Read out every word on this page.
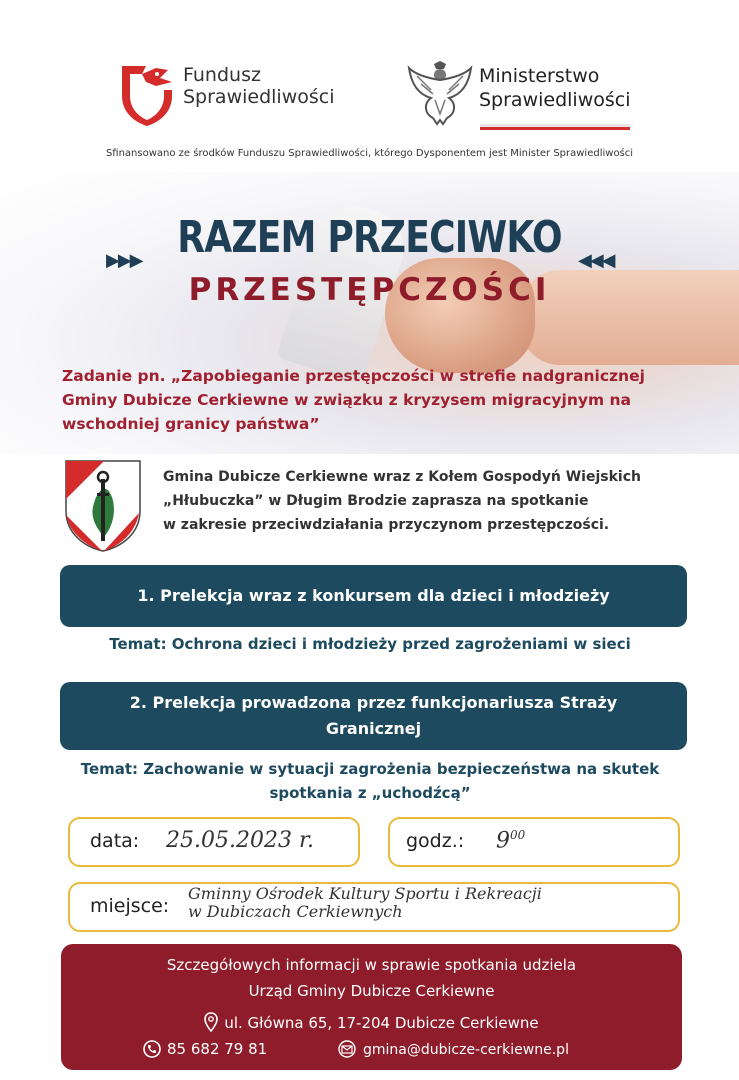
Fundusz
Sprawiedliwości
Ministerstwo
Sprawiedliwości
Sfinansowano ze środków Funduszu Sprawiedliwości, którego Dysponentem jest Minister Sprawiedliwości
▶▶▶	◀◀◀
RAZEM PRZECIWKO
PRZESTĘPCZOŚCI
Zadanie pn. „Zapobieganie przestępczości w strefie nadgranicznej
Gminy Dubicze Cerkiewne w związku z kryzysem migracyjnym na
wschodniej granicy państwa”
Gmina Dubicze Cerkiewne wraz z Kołem Gospodyń Wiejskich
„Hłubuczka” w Długim Brodzie zaprasza na spotkanie
w zakresie przeciwdziałania przyczynom przestępczości.
1. Prelekcja wraz z konkursem dla dzieci i młodzieży
Temat: Ochrona dzieci i młodzieży przed zagrożeniami w sieci
2. Prelekcja prowadzona przez funkcjonariusza Straży
Granicznej
Temat: Zachowanie w sytuacji zagrożenia bezpieczeństwa na skutek
spotkania z „uchodźcą”
data: 25.05.2023 r.	godz.: $9^{00}$
miejsce:
Gminny Ośrodek Kultury Sportu i Rekreacji
w Dubiczach Cerkiewnych
Szczegółowych informacji w sprawie spotkania udziela
Urząd Gminy Dubicze Cerkiewne
ul. Główna 65, 17-204 Dubicze Cerkiewne
85 682 79 81	gmina@dubicze-cerkiewne.pl
